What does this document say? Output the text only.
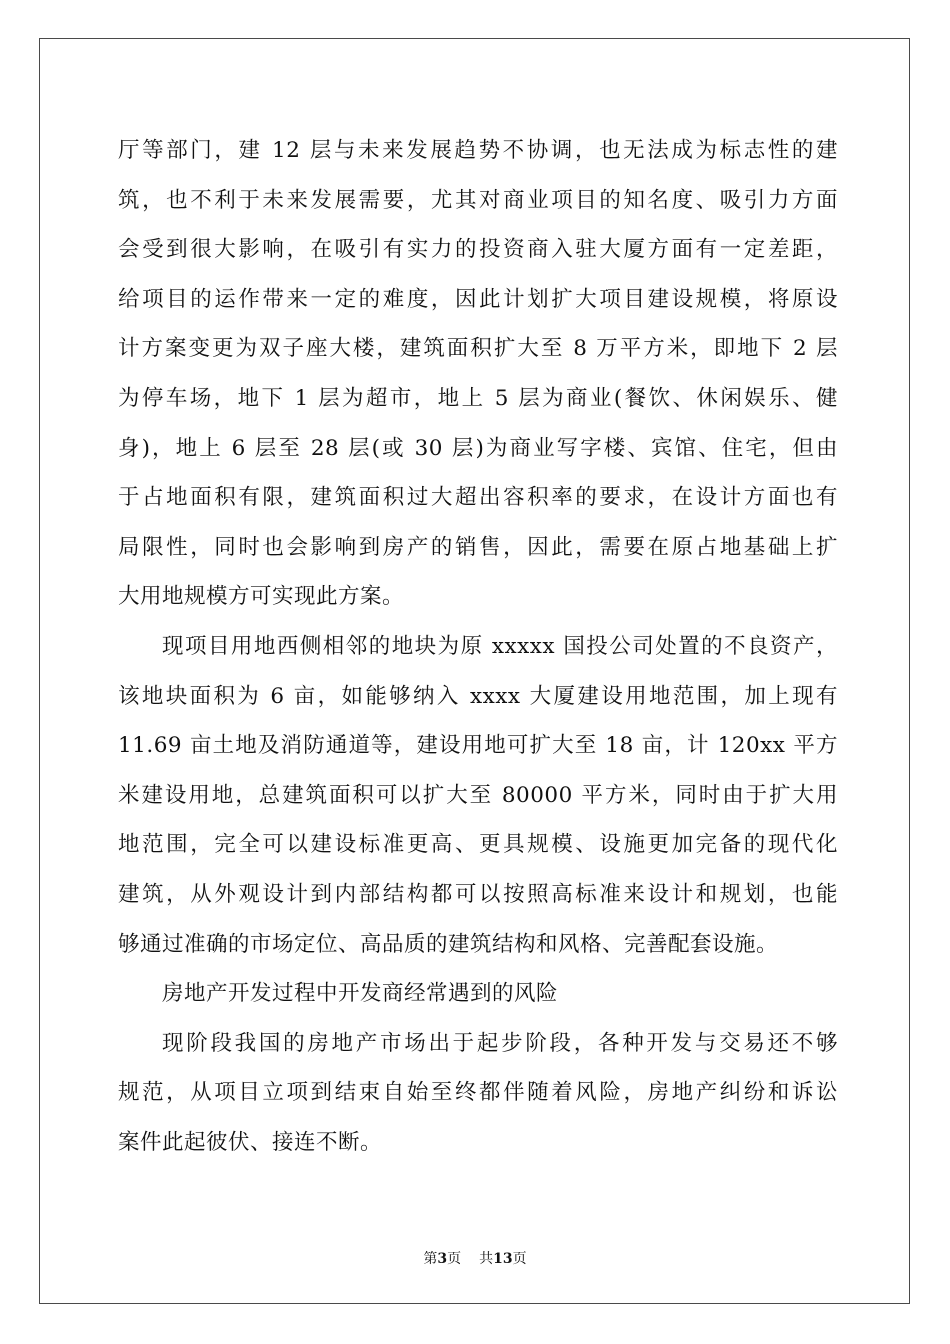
厅等部门，建 12 层与未来发展趋势不协调，也无法成为标志性的建
筑，也不利于未来发展需要，尤其对商业项目的知名度、吸引力方面
会受到很大影响，在吸引有实力的投资商入驻大厦方面有一定差距，
给项目的运作带来一定的难度，因此计划扩大项目建设规模，将原设
计方案变更为双子座大楼，建筑面积扩大至 8 万平方米，即地下 2 层
为停车场，地下 1 层为超市，地上 5 层为商业(餐饮、休闲娱乐、健
身)，地上 6 层至 28 层(或 30 层)为商业写字楼、宾馆、住宅，但由
于占地面积有限，建筑面积过大超出容积率的要求，在设计方面也有
局限性，同时也会影响到房产的销售，因此，需要在原占地基础上扩
大用地规模方可实现此方案。
现项目用地西侧相邻的地块为原 xxxxx 国投公司处置的不良资产，
该地块面积为 6 亩，如能够纳入 xxxx 大厦建设用地范围，加上现有
11.69 亩土地及消防通道等，建设用地可扩大至 18 亩，计 120xx 平方
米建设用地，总建筑面积可以扩大至 80000 平方米，同时由于扩大用
地范围，完全可以建设标准更高、更具规模、设施更加完备的现代化
建筑，从外观设计到内部结构都可以按照高标准来设计和规划，也能
够通过准确的市场定位、高品质的建筑结构和风格、完善配套设施。
房地产开发过程中开发商经常遇到的风险
现阶段我国的房地产市场出于起步阶段，各种开发与交易还不够
规范，从项目立项到结束自始至终都伴随着风险，房地产纠纷和诉讼
案件此起彼伏、接连不断。
第3页 共13页
